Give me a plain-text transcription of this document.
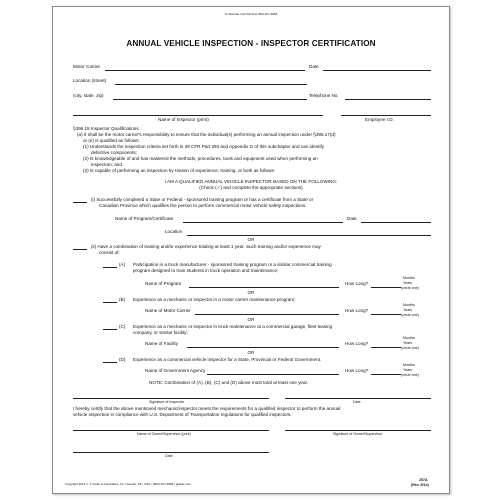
To Reorder Call Toll Free 800-327-6868
ANNUAL VEHICLE INSPECTION - INSPECTOR CERTIFICATION
Motor Carrier	Date
Location (street)
(city, state, zip)	Telephone No.
Name of Inspector (print)	Employee I.D.
§396.19 Inspector Qualifications.
(a) It shall be the motor carrier's responsibility to ensure that the individual(s) performing an annual inspection under §396.17(d)
or (e) is qualified as follows:
(1) Understands the inspection criteria set forth in 49 CFR Part 393 and Appendix G of this subchapter and can identify
defective components;
(2) Is knowledgeable of and has mastered the methods, procedures, tools and equipment used when performing an
inspection; and
(3) Is capable of performing an inspection by reason of experience, training, or both as follows:
I AM A QUALIFIED ANNUAL VEHICLE INSPECTOR BASED ON THE FOLLOWING:
(Check (✓) and complete the appropriate sections)
(i) Successfully completed a State or Federal - sponsored training program or has a certificate from a State or
Canadian Province which qualifies the person to perform commercial motor vehicle safety inspections.
Name of Program/Certificate	Date
Location
OR
(ii) Have a combination of training and/or experience totaling at least 1 year. Such training and/or experience may
consist of:
(A) Participation in a truck manufacturer - sponsored training program or a similar commercial training
program designed to train students in truck operation and maintenance;
Name of Program	How Long?
Months
Years
(circle one)
OR
(B) Experience as a mechanic or inspector in a motor carrier maintenance program;
Name of Motor Carrier	How Long?
Months
Years
(circle one)
OR
(C) Experience as a mechanic or inspector in truck maintenance at a commercial garage, fleet leasing
company, or similar facility;
Name of Facility	How Long?
Months
Years
(circle one)
OR
(D) Experience as a commercial vehicle inspector for a State, Provincial or Federal Government.
Name of Government Agency	How Long?
Months
Years
(circle one)
NOTE: Combination of (A), (B), (C) and (D) above must total at least one year.
Signature of Inspector	Date
I hereby certify that the above mentioned mechanic/inspector meets the requirements for a qualified inspector to perform the annual
vehicle inspection in compliance with U.S. Department of Transportation regulations for qualified inspectors.
Name of Owner/Supervisor (print)	Signature of Owner/Supervisor
Date
Copyright 2014 J. J. Keller & Associates, Inc. Neenah, WI • USA • (800) 327-6868 • jjkeller.com
257A
(Rev. 5/14)
